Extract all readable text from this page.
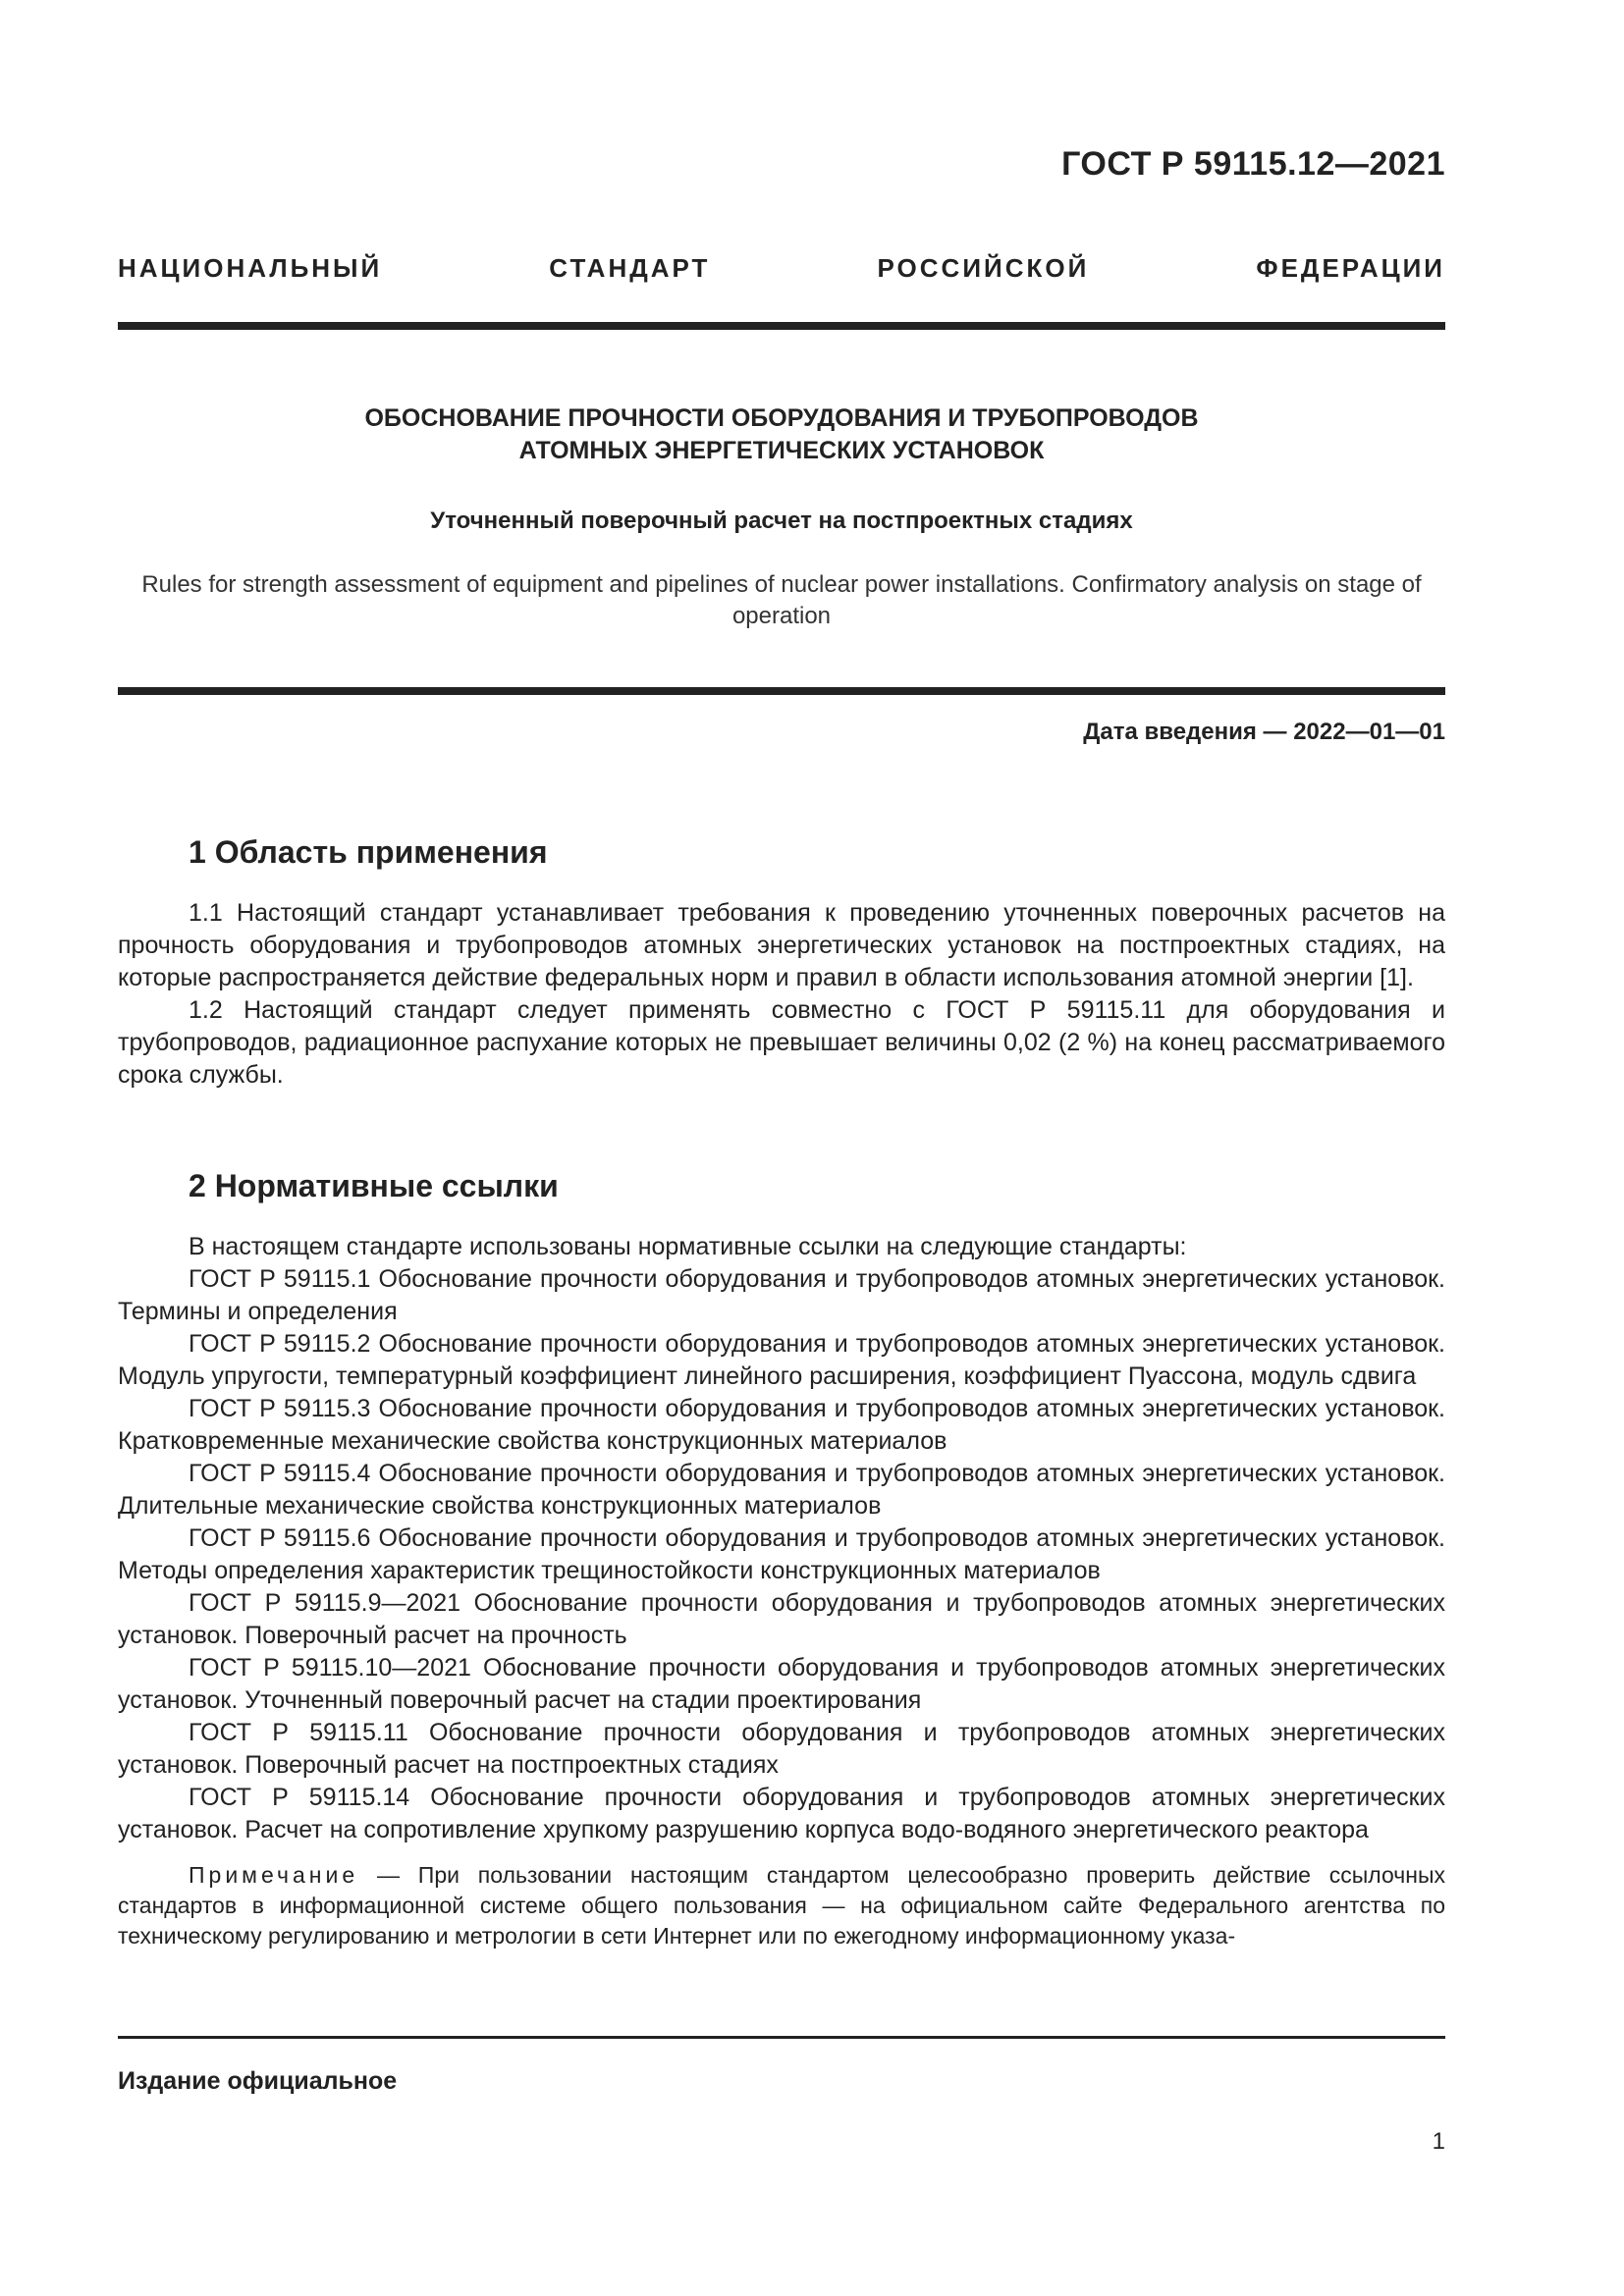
ГОСТ Р 59115.12—2021
НАЦИОНАЛЬНЫЙ СТАНДАРТ РОССИЙСКОЙ ФЕДЕРАЦИИ

ОБОСНОВАНИЕ ПРОЧНОСТИ ОБОРУДОВАНИЯ И ТРУБОПРОВОДОВ
АТОМНЫХ ЭНЕРГЕТИЧЕСКИХ УСТАНОВОК

Уточненный поверочный расчет на постпроектных стадиях

Rules for strength assessment of equipment and pipelines of nuclear power installations. Confirmatory analysis on stage of operation

Дата введения — 2022—01—01
1 Область применения

1.1 Настоящий стандарт устанавливает требования к проведению уточненных поверочных расчетов на прочность оборудования и трубопроводов атомных энергетических установок на постпроектных стадиях, на которые распространяется действие федеральных норм и правил в области использования атомной энергии [1].

1.2 Настоящий стандарт следует применять совместно с ГОСТ Р 59115.11 для оборудования и трубопроводов, радиационное распухание которых не превышает величины 0,02 (2 %) на конец рассматриваемого срока службы.

2 Нормативные ссылки

В настоящем стандарте использованы нормативные ссылки на следующие стандарты:

ГОСТ Р 59115.1 Обоснование прочности оборудования и трубопроводов атомных энергетических установок. Термины и определения

ГОСТ Р 59115.2 Обоснование прочности оборудования и трубопроводов атомных энергетических установок. Модуль упругости, температурный коэффициент линейного расширения, коэффициент Пуассона, модуль сдвига

ГОСТ Р 59115.3 Обоснование прочности оборудования и трубопроводов атомных энергетических установок. Кратковременные механические свойства конструкционных материалов

ГОСТ Р 59115.4 Обоснование прочности оборудования и трубопроводов атомных энергетических установок. Длительные механические свойства конструкционных материалов

ГОСТ Р 59115.6 Обоснование прочности оборудования и трубопроводов атомных энергетических установок. Методы определения характеристик трещиностойкости конструкционных материалов

ГОСТ Р 59115.9—2021 Обоснование прочности оборудования и трубопроводов атомных энергетических установок. Поверочный расчет на прочность

ГОСТ Р 59115.10—2021 Обоснование прочности оборудования и трубопроводов атомных энергетических установок. Уточненный поверочный расчет на стадии проектирования

ГОСТ Р 59115.11 Обоснование прочности оборудования и трубопроводов атомных энергетических установок. Поверочный расчет на постпроектных стадиях

ГОСТ Р 59115.14 Обоснование прочности оборудования и трубопроводов атомных энергетических установок. Расчет на сопротивление хрупкому разрушению корпуса водо-водяного энергетического реактора

Примечание — При пользовании настоящим стандартом целесообразно проверить действие ссылочных стандартов в информационной системе общего пользования — на официальном сайте Федерального агентства по техническому регулированию и метрологии в сети Интернет или по ежегодному информационному указа-

Издание официальное
1
